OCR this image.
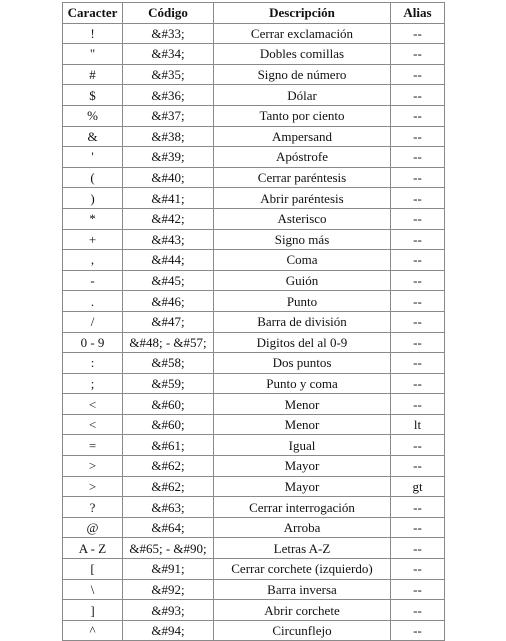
Caracter	Código	Descripción	Alias
!	&#33;	Cerrar exclamación	--
"	&#34;	Dobles comillas	--
#	&#35;	Signo de número	--
$	&#36;	Dólar	--
%	&#37;	Tanto por ciento	--
&	&#38;	Ampersand	--
'	&#39;	Apóstrofe	--
(	&#40;	Cerrar paréntesis	--
)	&#41;	Abrir paréntesis	--
*	&#42;	Asterisco	--
+	&#43;	Signo más	--
,	&#44;	Coma	--
-	&#45;	Guión	--
.	&#46;	Punto	--
/	&#47;	Barra de división	--
0 - 9	&#48; - &#57;	Digitos del al 0-9	--
:	&#58;	Dos puntos	--
;	&#59;	Punto y coma	--
<	&#60;	Menor	--
<	&#60;	Menor	lt
=	&#61;	Igual	--
>	&#62;	Mayor	--
>	&#62;	Mayor	gt
?	&#63;	Cerrar interrogación	--
@	&#64;	Arroba	--
A - Z	&#65; - &#90;	Letras A-Z	--
[	&#91;	Cerrar corchete (izquierdo)	--
\	&#92;	Barra inversa	--
]	&#93;	Abrir corchete	--
^	&#94;	Circunflejo	--
